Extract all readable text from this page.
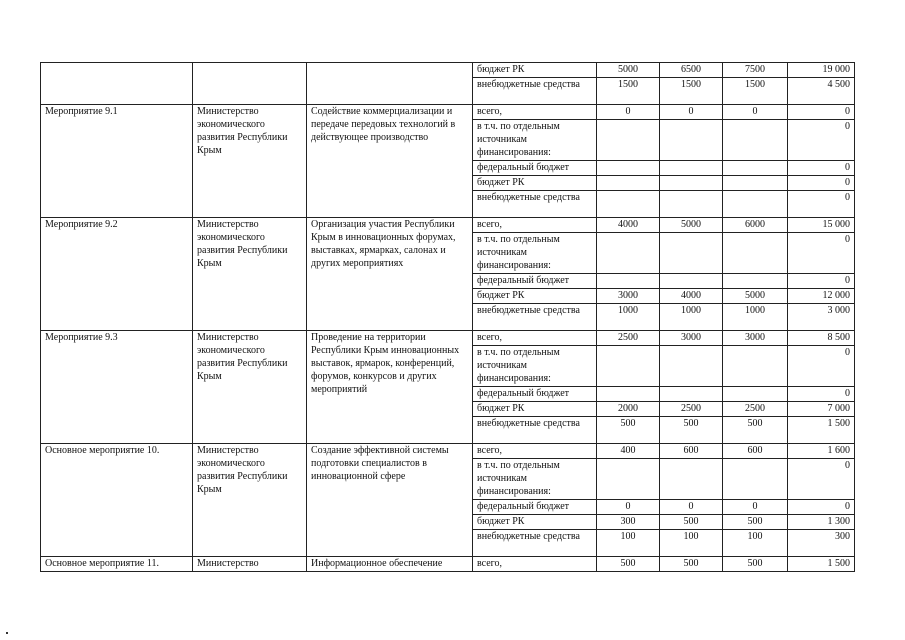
			бюджет РК	5000	6500	7500	19 000
			внебюджетные средства	1500	1500	1500	4 500
Мероприятие 9.1	Министерство экономического развития Республики Крым	Содействие коммерциализации и передаче передовых технологий в действующее производство	всего,	0	0	0	0
			в т.ч. по отдельным источникам финансирования:				0
			федеральный бюджет				0
			бюджет РК				0
			внебюджетные средства				0
Мероприятие 9.2	Министерство экономического развития Республики Крым	Организация участия Республики Крым в инновационных форумах, выставках, ярмарках, салонах и других мероприятиях	всего,	4000	5000	6000	15 000
			в т.ч. по отдельным источникам финансирования:				0
			федеральный бюджет				0
			бюджет РК	3000	4000	5000	12 000
			внебюджетные средства	1000	1000	1000	3 000
Мероприятие 9.3	Министерство экономического развития Республики Крым	Проведение на территории Республики Крым инновационных выставок, ярмарок, конференций, форумов, конкурсов и других мероприятий	всего,	2500	3000	3000	8 500
			в т.ч. по отдельным источникам финансирования:				0
			федеральный бюджет				0
			бюджет РК	2000	2500	2500	7 000
			внебюджетные средства	500	500	500	1 500
Основное мероприятие 10.	Министерство экономического развития Республики Крым	Создание эффективной системы подготовки специалистов в инновационной сфере	всего,	400	600	600	1 600
			в т.ч. по отдельным источникам финансирования:				0
			федеральный бюджет	0	0	0	0
			бюджет РК	300	500	500	1 300
			внебюджетные средства	100	100	100	300
Основное мероприятие 11.	Министерство	Информационное обеспечение	всего,	500	500	500	1 500
